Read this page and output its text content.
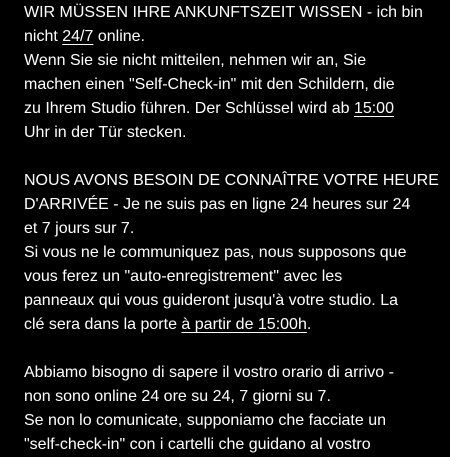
WIR MÜSSEN IHRE ANKUNFTSZEIT WISSEN - ich bin

nicht 24/7 online.

Wenn Sie sie nicht mitteilen, nehmen wir an, Sie

machen einen "Self-Check-in" mit den Schildern, die

zu Ihrem Studio führen. Der Schlüssel wird ab 15:00

Uhr in der Tür stecken.

NOUS AVONS BESOIN DE CONNAÎTRE VOTRE HEURE

D'ARRIVÉE - Je ne suis pas en ligne 24 heures sur 24

et 7 jours sur 7.

Si vous ne le communiquez pas, nous supposons que

vous ferez un "auto-enregistrement" avec les

panneaux qui vous guideront jusqu'à votre studio. La

clé sera dans la porte à partir de 15:00h.

Abbiamo bisogno di sapere il vostro orario di arrivo -

non sono online 24 ore su 24, 7 giorni su 7.

Se non lo comunicate, supponiamo che facciate un

"self-check-in" con i cartelli che guidano al vostro
